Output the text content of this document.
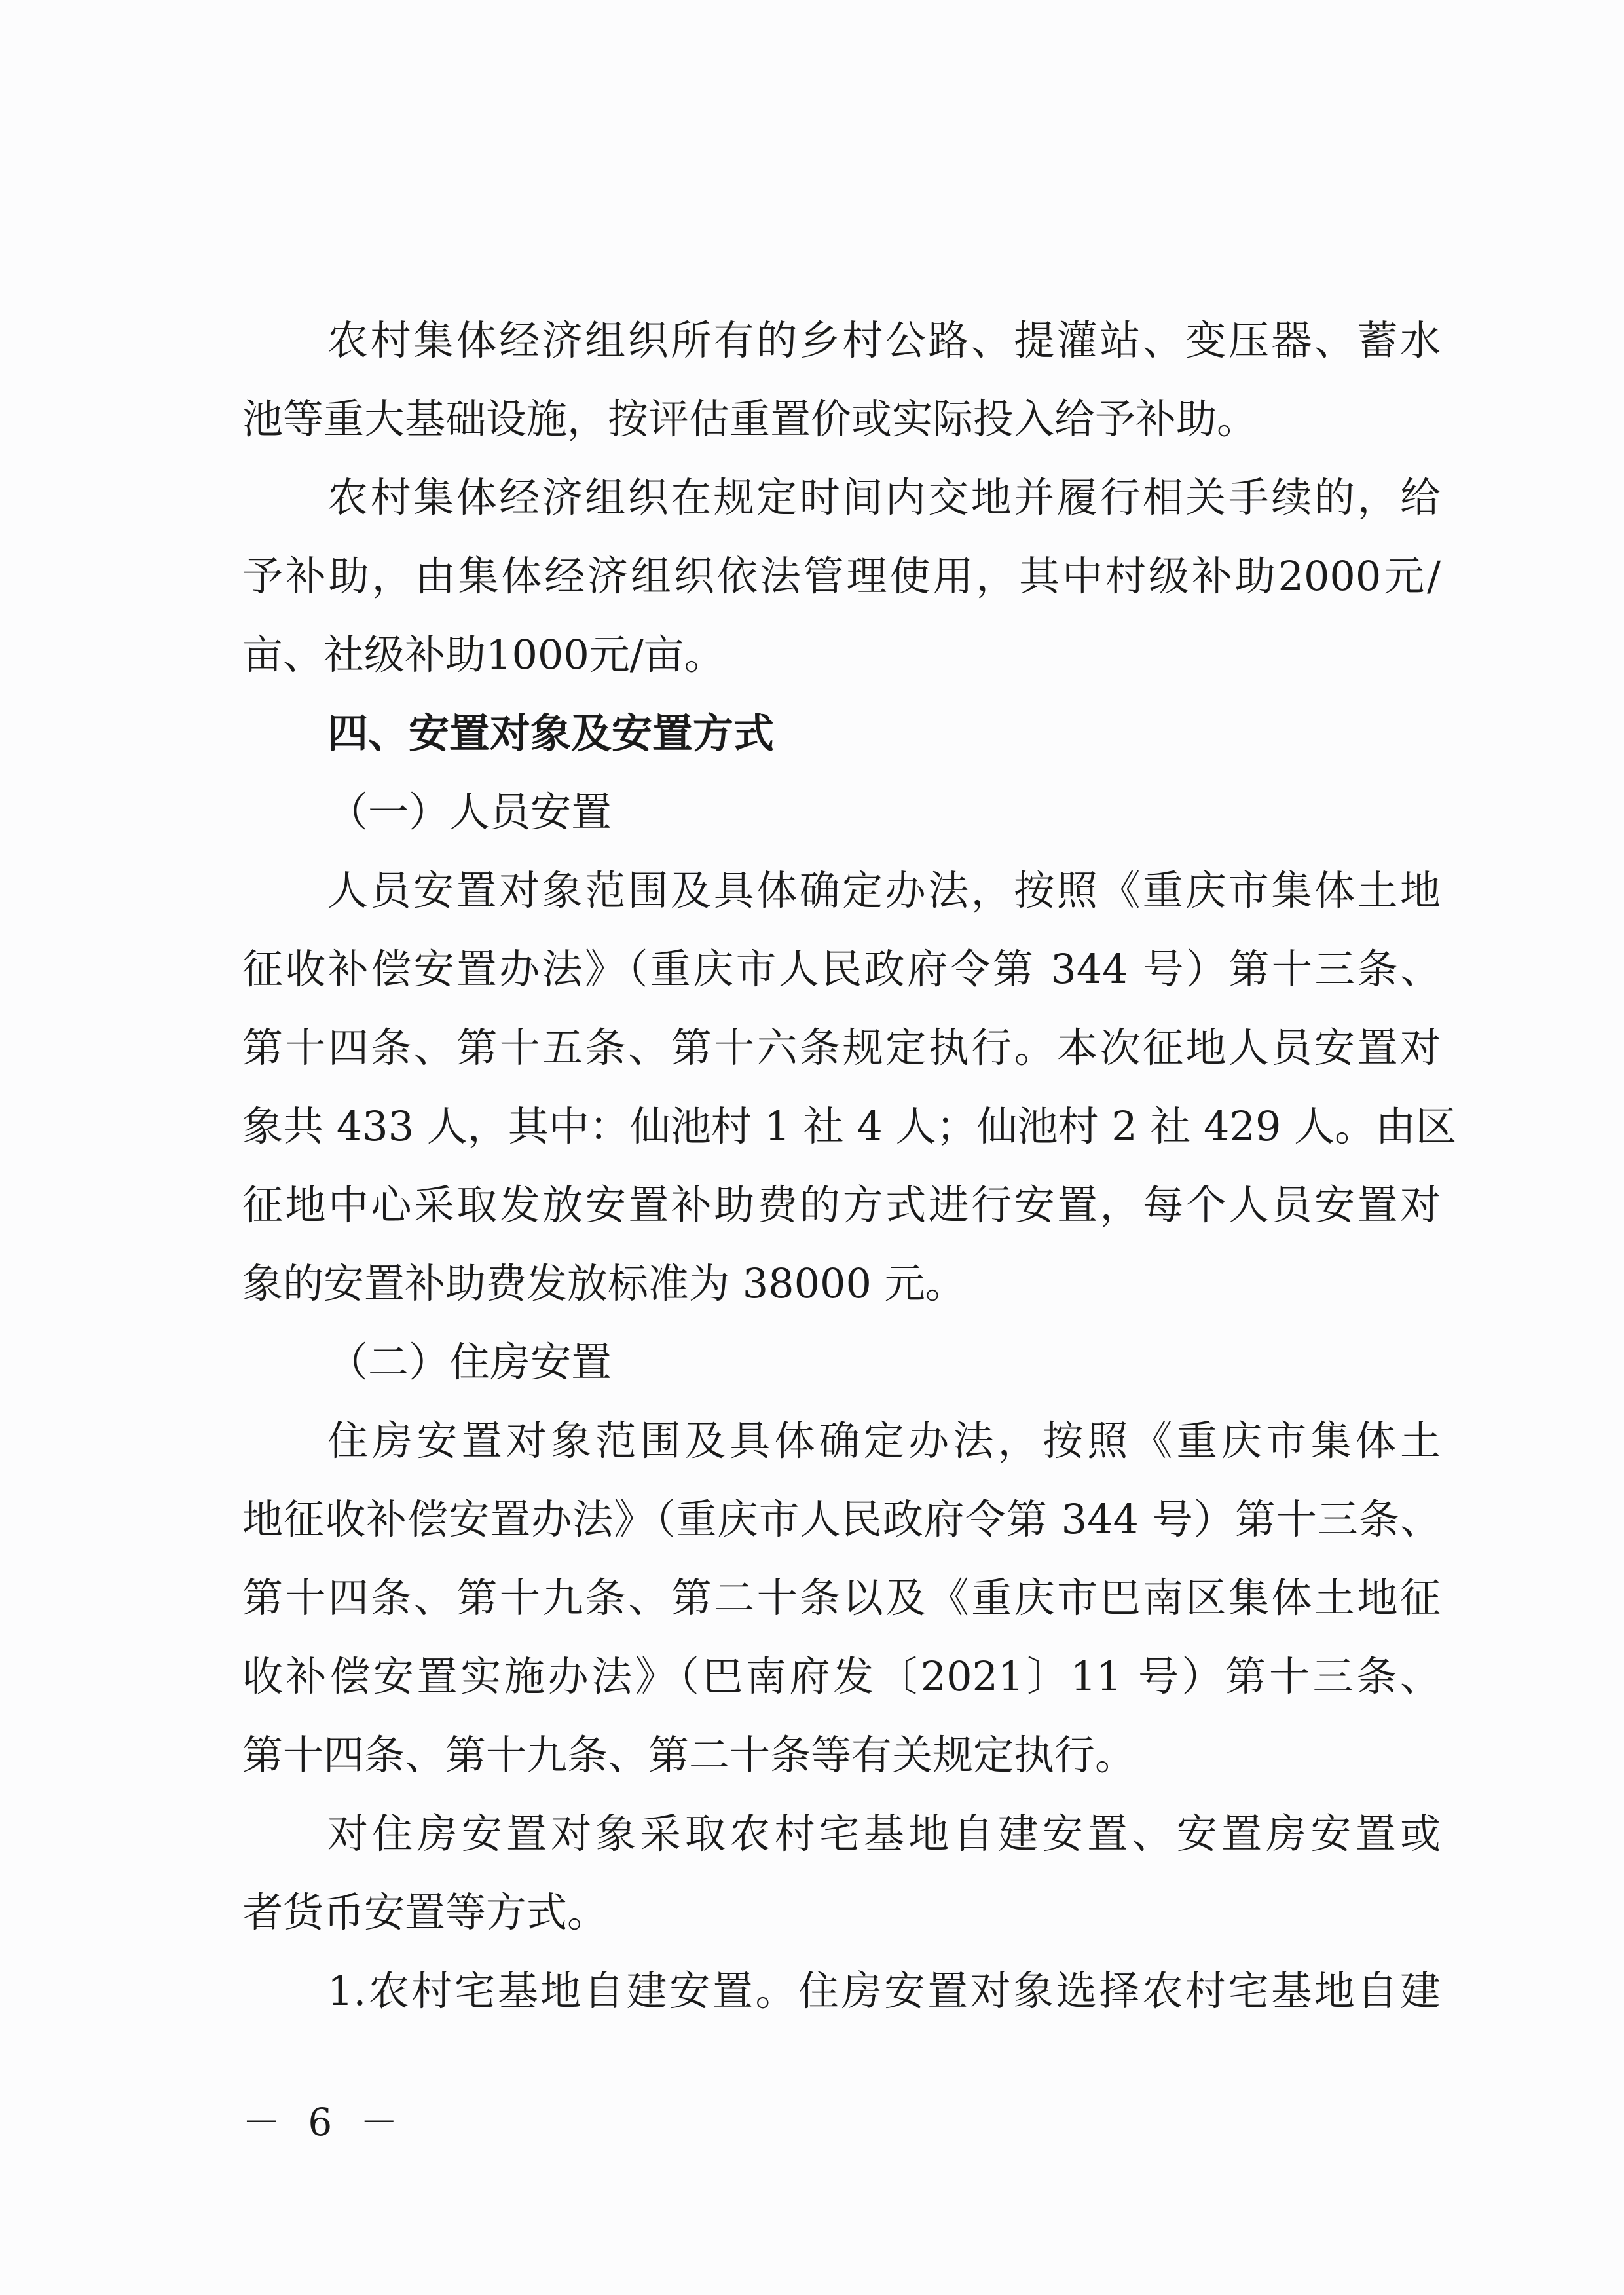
农村集体经济组织所有的乡村公路、提灌站、变压器、蓄水
池等重大基础设施，按评估重置价或实际投入给予补助。
农村集体经济组织在规定时间内交地并履行相关手续的，给
予补助，由集体经济组织依法管理使用，其中村级补助2000元/
亩、社级补助1000元/亩。
四、安置对象及安置方式
（一）人员安置
人员安置对象范围及具体确定办法，按照《重庆市集体土地
征收补偿安置办法》（重庆市人民政府令第 344 号）第十三条、
第十四条、第十五条、第十六条规定执行。本次征地人员安置对
象共 433 人，其中：仙池村 1 社 4 人；仙池村 2 社 429 人。由区
征地中心采取发放安置补助费的方式进行安置，每个人员安置对
象的安置补助费发放标准为 38000 元。
（二）住房安置
住房安置对象范围及具体确定办法，按照《重庆市集体土
地征收补偿安置办法》（重庆市人民政府令第 344 号）第十三条、
第十四条、第十九条、第二十条以及《重庆市巴南区集体土地征
收补偿安置实施办法》（巴南府发〔2021〕11 号）第十三条、
第十四条、第十九条、第二十条等有关规定执行。
对住房安置对象采取农村宅基地自建安置、安置房安置或
者货币安置等方式。
1.农村宅基地自建安置。住房安置对象选择农村宅基地自建
－ 6 －
